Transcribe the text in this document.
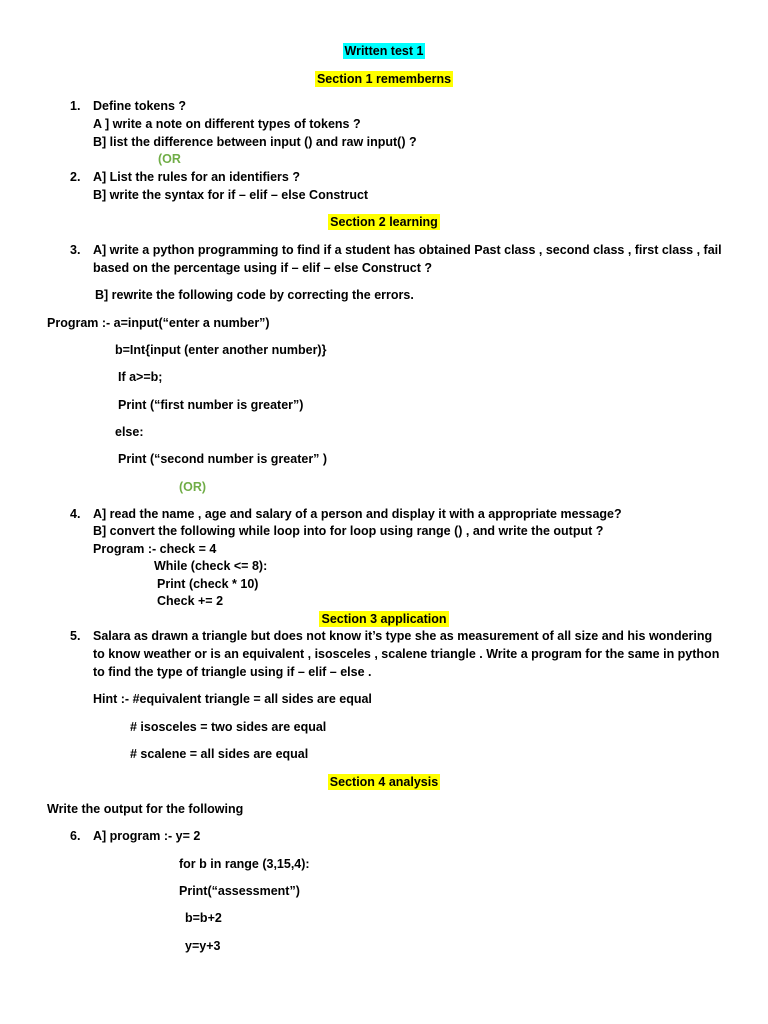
Written test 1
Section 1 rememberns
1. Define tokens ?
A ] write a note on different types of tokens ?
B] list the difference between input () and raw input() ?
(OR
2. A] List the rules for an identifiers ?
B] write the syntax for if – elif – else Construct
Section 2 learning
3. A] write a python programming to find if a student has obtained Past class , second class , first class , fail
based on the percentage using if – elif – else Construct ?
B] rewrite the following code by correcting the errors.
Program :- a=input(“enter a number”)
b=Int{input (enter another number)}
If a>=b;
Print (“first number is greater”)
else:
Print (“second number is greater” )
(OR)
4. A] read the name , age and salary of a person and display it with a appropriate message?
B] convert the following while loop into for loop using range () , and write the output ?
Program :- check = 4
While (check <= 8):
Print (check * 10)
Check += 2
Section 3 application
5. Salara as drawn a triangle but does not know it’s type she as measurement of all size and his wondering
to know weather or is an equivalent , isosceles , scalene triangle . Write a program for the same in python
to find the type of triangle using if – elif – else .
Hint :- #equivalent triangle = all sides are equal
# isosceles = two sides are equal
# scalene = all sides are equal
Section 4 analysis
Write the output for the following
6. A] program :- y= 2
for b in range (3,15,4):
Print(“assessment”)
b=b+2
y=y+3
